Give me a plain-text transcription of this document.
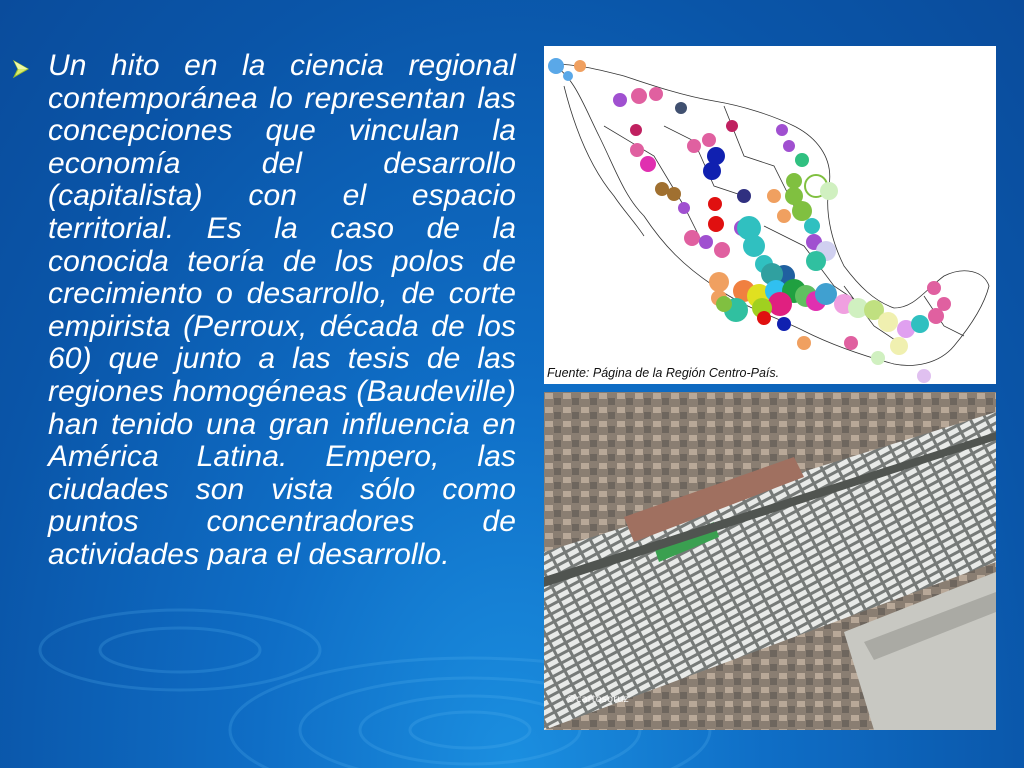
Un hito en la ciencia regional contemporánea lo representan las concepciones que vinculan la economía del desarrollo (capitalista) con el espacio territorial. Es la caso de la conocida teoría de los polos de crecimiento o desarrollo, de corte empirista (Perroux, década de los 60) que junto a las tesis de las regiones homogéneas (Baudeville) han tenido una gran influencia en América Latina. Empero, las ciudades son vista sólo como puntos concentradores de actividades para el desarrollo.

Fuente: Página de la Región Centro-País.
©cartosoruz
